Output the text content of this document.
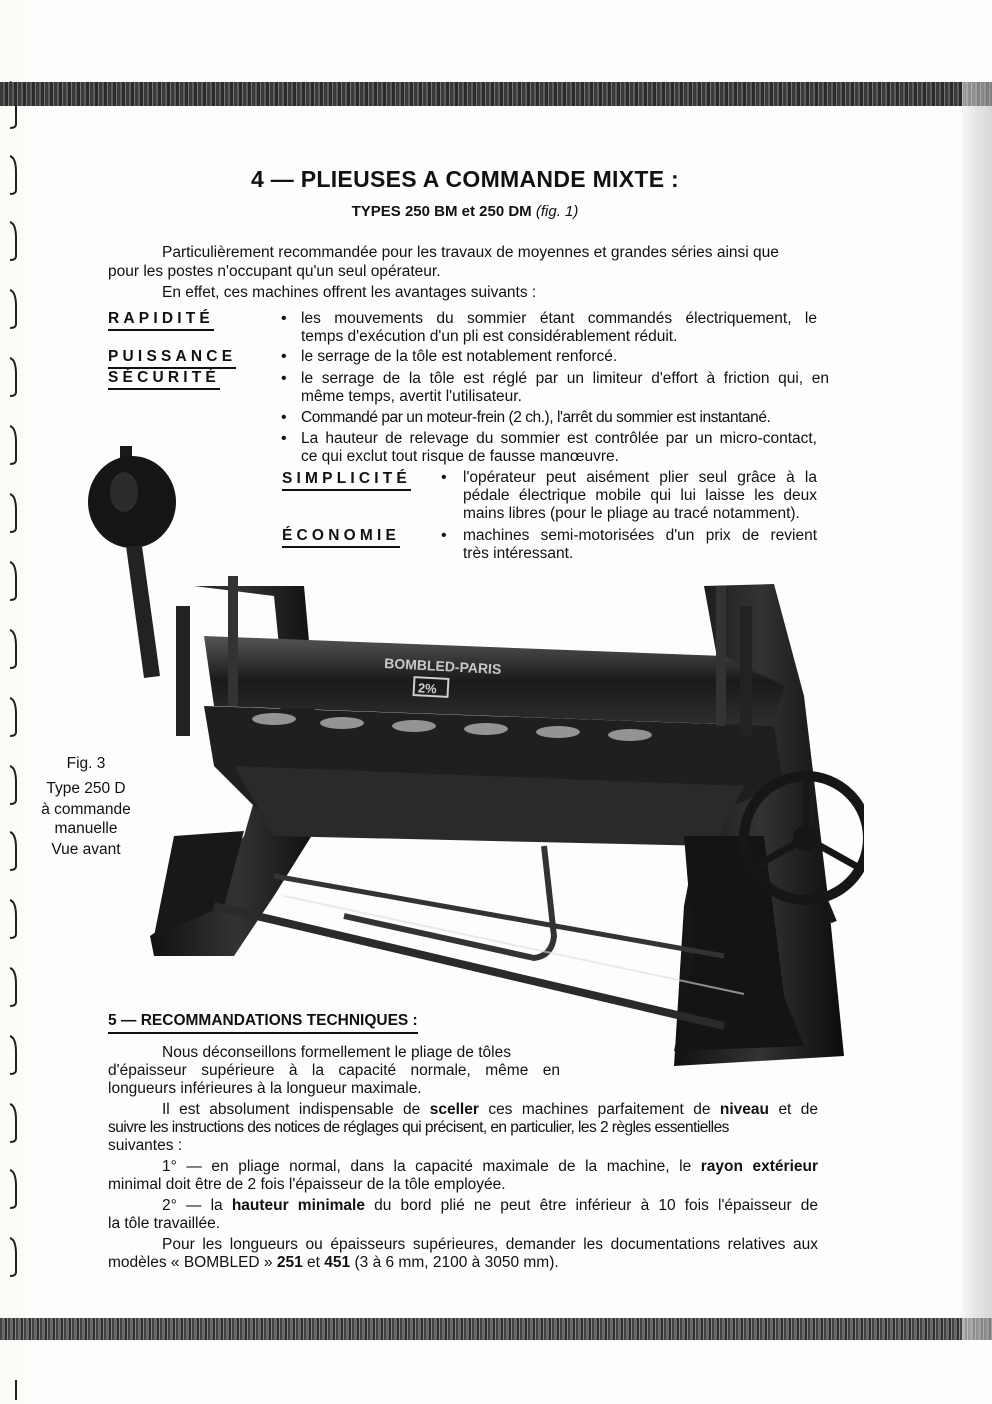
4 — PLIEUSES A COMMANDE MIXTE :
TYPES 250 BM et 250 DM (fig. 1)

Particulièrement recommandée pour les travaux de moyennes et grandes séries ainsi que

pour les postes n'occupant qu'un seul opérateur.

En effet, ces machines offrent les avantages suivants :

RAPIDITÉ
PUISSANCE
SÉCURITÉ
SIMPLICITÉ
ÉCONOMIE
• les mouvements du sommier étant commandés électriquement, le

temps d'exécution d'un pli est considérablement réduit.

• le serrage de la tôle est notablement renforcé.

• le serrage de la tôle est réglé par un limiteur d'effort à friction qui, en

même temps, avertit l'utilisateur.

• Commandé par un moteur-frein (2 ch.), l'arrêt du sommier est instantané.

• La hauteur de relevage du sommier est contrôlée par un micro-contact,

ce qui exclut tout risque de fausse manœuvre.

• l'opérateur peut aisément plier seul grâce à la

pédale électrique mobile qui lui laisse les deux

mains libres (pour le pliage au tracé notamment).

• machines semi-motorisées d'un prix de revient

très intéressant.

BOMBLED-PARIS
2%
Fig. 3
Type 250 D
à commande
manuelle
Vue avant
5 — RECOMMANDATIONS TECHNIQUES :

Nous déconseillons formellement le pliage de tôles

d'épaisseur supérieure à la capacité normale, même en

longueurs inférieures à la longueur maximale.

Il est absolument indispensable de sceller ces machines parfaitement de niveau et de

suivre les instructions des notices de réglages qui précisent, en particulier, les 2 règles essentielles

suivantes :

1° — en pliage normal, dans la capacité maximale de la machine, le rayon extérieur

minimal doit être de 2 fois l'épaisseur de la tôle employée.

2° — la hauteur minimale du bord plié ne peut être inférieur à 10 fois l'épaisseur de

la tôle travaillée.

Pour les longueurs ou épaisseurs supérieures, demander les documentations relatives aux

modèles « BOMBLED » 251 et 451 (3 à 6 mm, 2100 à 3050 mm).
